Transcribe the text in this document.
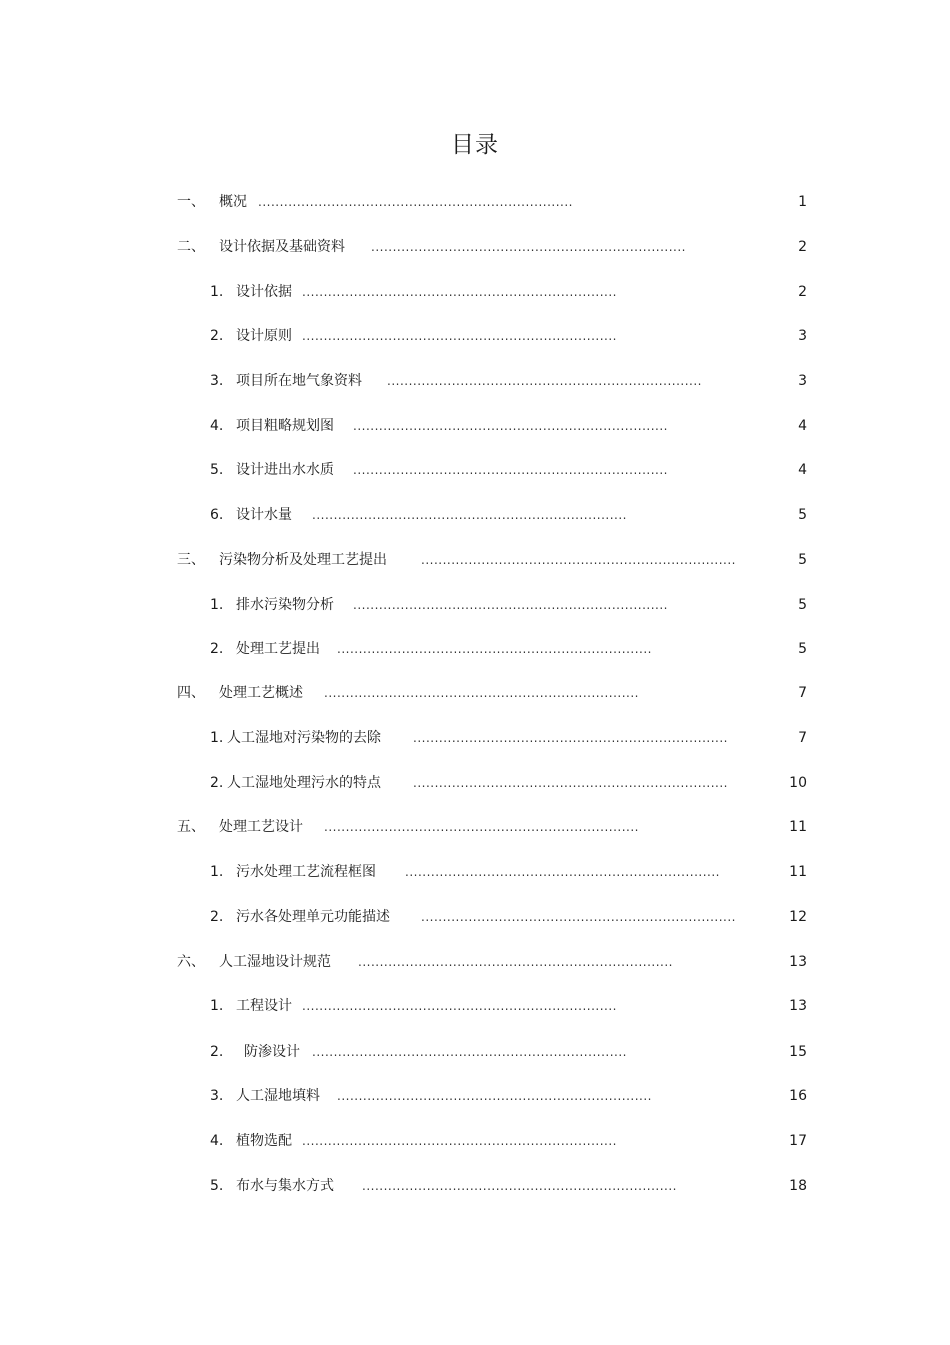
目录
一、 概况 .........................................................................	1
二、 设计依据及基础资料 .........................................................................	2
1. 设计依据 .........................................................................	2
2. 设计原则 .........................................................................	3
3. 项目所在地气象资料 .........................................................................	3
4. 项目粗略规划图 .........................................................................	4
5. 设计进出水水质 .........................................................................	4
6. 设计水量 .........................................................................	5
三、 污染物分析及处理工艺提出	.........................................................................	5
1. 排水污染物分析 .........................................................................	5
2. 处理工艺提出 .........................................................................	5
四、 处理工艺概述 .........................................................................	7
1. 人工湿地对污染物的去除	.........................................................................	7
2. 人工湿地处理污水的特点	.........................................................................	10
五、 处理工艺设计 .........................................................................	11
1. 污水处理工艺流程框图 .........................................................................	11
2. 污水各处理单元功能描述	.........................................................................	12
六、 人工湿地设计规范 .........................................................................	13
1. 工程设计 .........................................................................	13
2. 防渗设计 .........................................................................	15
3. 人工湿地填料 .........................................................................	16
4. 植物选配 .........................................................................	17
5. 布水与集水方式 .........................................................................	18
